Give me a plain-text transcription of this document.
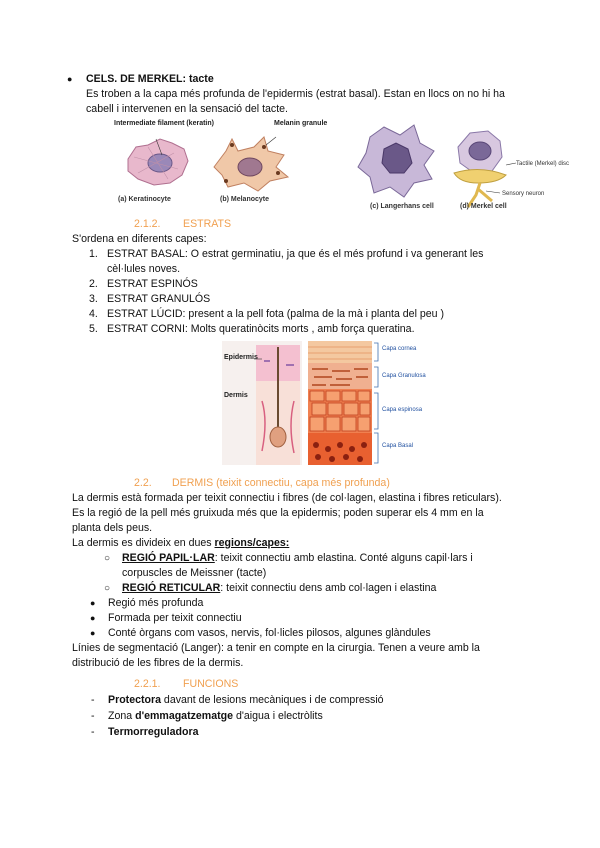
● CELS. DE MERKEL: tacte
Es troben a la capa més profunda de l'epidermis (estrat basal). Estan en llocs on no hi ha
cabell i intervenen en la sensació del tacte.
Intermediate filament (keratin)
(a) Keratinocyte
Melanin granule
(b) Melanocyte
(c) Langerhans cell
Tactile (Merkel) disc
Sensory neuron
(d) Merkel cell
2.1.2. ESTRATS
S'ordena en diferents capes:
1. ESTRAT BASAL: O estrat germinatiu, ja que és el més profund i va generant les
cèl·lules noves.
2. ESTRAT ESPINÓS
3. ESTRAT GRANULÓS
4. ESTRAT LÚCID: present a la pell fota (palma de la mà i planta del peu )
5. ESTRAT CORNI: Molts queratinòcits morts , amb força queratina.
Epidermis
Dermis
Capa cornea
Capa Granulosa
Capa espinosa
Capa Basal
2.2. DERMIS (teixit connectiu, capa més profunda)
La dermis està formada per teixit connectiu i fibres (de col·lagen, elastina i fibres reticulars).
Es la regió de la pell més gruixuda més que la epidermis; poden superar els 4 mm en la
planta dels peus.
La dermis es divideix en dues regions/capes:
○ REGIÓ PAPIL·LAR: teixit connectiu amb elastina. Conté alguns capil·lars i
corpuscles de Meissner (tacte)
○ REGIÓ RETICULAR: teixit connectiu dens amb col·lagen i elastina
● Regió més profunda
● Formada per teixit connectiu
● Conté òrgans com vasos, nervis, fol·licles pilosos, algunes glàndules
Línies de segmentació (Langer): a tenir en compte en la cirurgia. Tenen a veure amb la
distribució de les fibres de la dermis.
2.2.1. FUNCIONS
- Protectora davant de lesions mecàniques i de compressió
- Zona d'emmagatzematge d'aigua i electròlits
- Termorreguladora
